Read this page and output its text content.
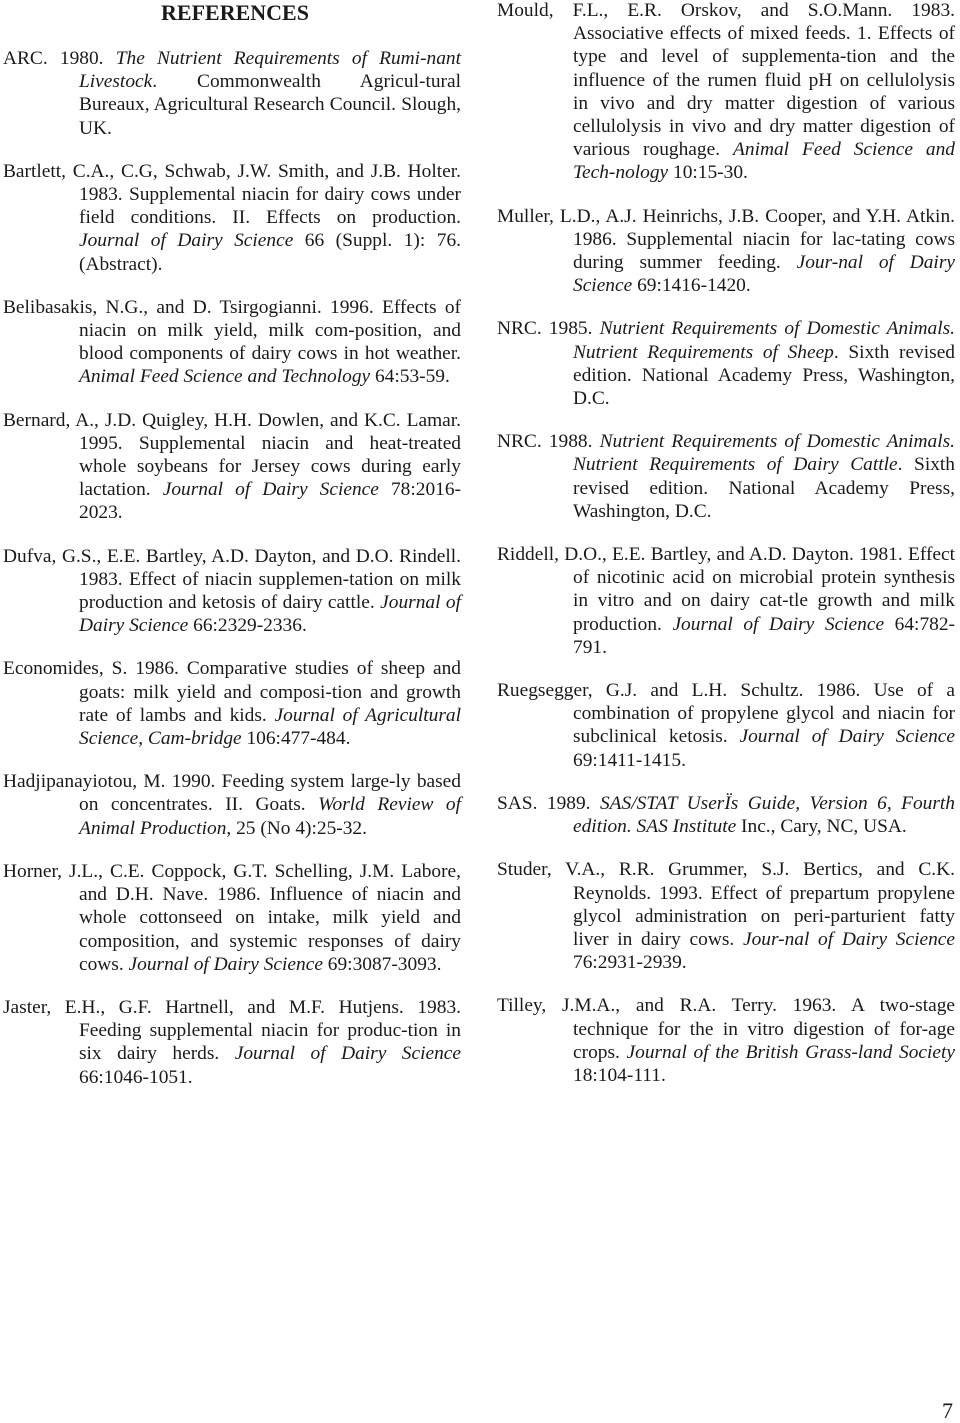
REFERENCES

ARC. 1980. The Nutrient Requirements of Rumi-nant Livestock. Commonwealth Agricul-tural Bureaux, Agricultural Research Council. Slough, UK.

Bartlett, C.A., C.G, Schwab, J.W. Smith, and J.B. Holter. 1983. Supplemental niacin for dairy cows under field conditions. II. Effects on production. Journal of Dairy Science 66 (Suppl. 1): 76. (Abstract).

Belibasakis, N.G., and D. Tsirgogianni. 1996. Effects of niacin on milk yield, milk com-position, and blood components of dairy cows in hot weather. Animal Feed Science and Technology 64:53-59.

Bernard, A., J.D. Quigley, H.H. Dowlen, and K.C. Lamar. 1995. Supplemental niacin and heat-treated whole soybeans for Jersey cows during early lactation. Journal of Dairy Science 78:2016-2023.

Dufva, G.S., E.E. Bartley, A.D. Dayton, and D.O. Rindell. 1983. Effect of niacin supplemen-tation on milk production and ketosis of dairy cattle. Journal of Dairy Science 66:2329-2336.

Economides, S. 1986. Comparative studies of sheep and goats: milk yield and composi-tion and growth rate of lambs and kids. Journal of Agricultural Science, Cam-bridge 106:477-484.

Hadjipanayiotou, M. 1990. Feeding system large-ly based on concentrates. II. Goats. World Review of Animal Production, 25 (No 4):25-32.

Horner, J.L., C.E. Coppock, G.T. Schelling, J.M. Labore, and D.H. Nave. 1986. Influence of niacin and whole cottonseed on intake, milk yield and composition, and systemic responses of dairy cows. Journal of Dairy Science 69:3087-3093.

Jaster, E.H., G.F. Hartnell, and M.F. Hutjens. 1983. Feeding supplemental niacin for produc-tion in six dairy herds. Journal of Dairy Science 66:1046-1051.

Mould, F.L., E.R. Orskov, and S.O.Mann. 1983. Associative effects of mixed feeds. 1. Effects of type and level of supplementa-tion and the influence of the rumen fluid pH on cellulolysis in vivo and dry matter digestion of various cellulolysis in vivo and dry matter digestion of various roughage. Animal Feed Science and Tech-nology 10:15-30.

Muller, L.D., A.J. Heinrichs, J.B. Cooper, and Y.H. Atkin. 1986. Supplemental niacin for lac-tating cows during summer feeding. Jour-nal of Dairy Science 69:1416-1420.

NRC. 1985. Nutrient Requirements of Domestic Animals. Nutrient Requirements of Sheep. Sixth revised edition. National Academy Press, Washington, D.C.

NRC. 1988. Nutrient Requirements of Domestic Animals. Nutrient Requirements of Dairy Cattle. Sixth revised edition. National Academy Press, Washington, D.C.

Riddell, D.O., E.E. Bartley, and A.D. Dayton. 1981. Effect of nicotinic acid on microbial protein synthesis in vitro and on dairy cat-tle growth and milk production. Journal of Dairy Science 64:782-791.

Ruegsegger, G.J. and L.H. Schultz. 1986. Use of a combination of propylene glycol and niacin for subclinical ketosis. Journal of Dairy Science 69:1411-1415.

SAS. 1989. SAS/STAT UserÏs Guide, Version 6, Fourth edition. SAS Institute Inc., Cary, NC, USA.

Studer, V.A., R.R. Grummer, S.J. Bertics, and C.K. Reynolds. 1993. Effect of prepartum propylene glycol administration on peri-parturient fatty liver in dairy cows. Jour-nal of Dairy Science 76:2931-2939.

Tilley, J.M.A., and R.A. Terry. 1963. A two-stage technique for the in vitro digestion of for-age crops. Journal of the British Grass-land Society 18:104-111.

7
